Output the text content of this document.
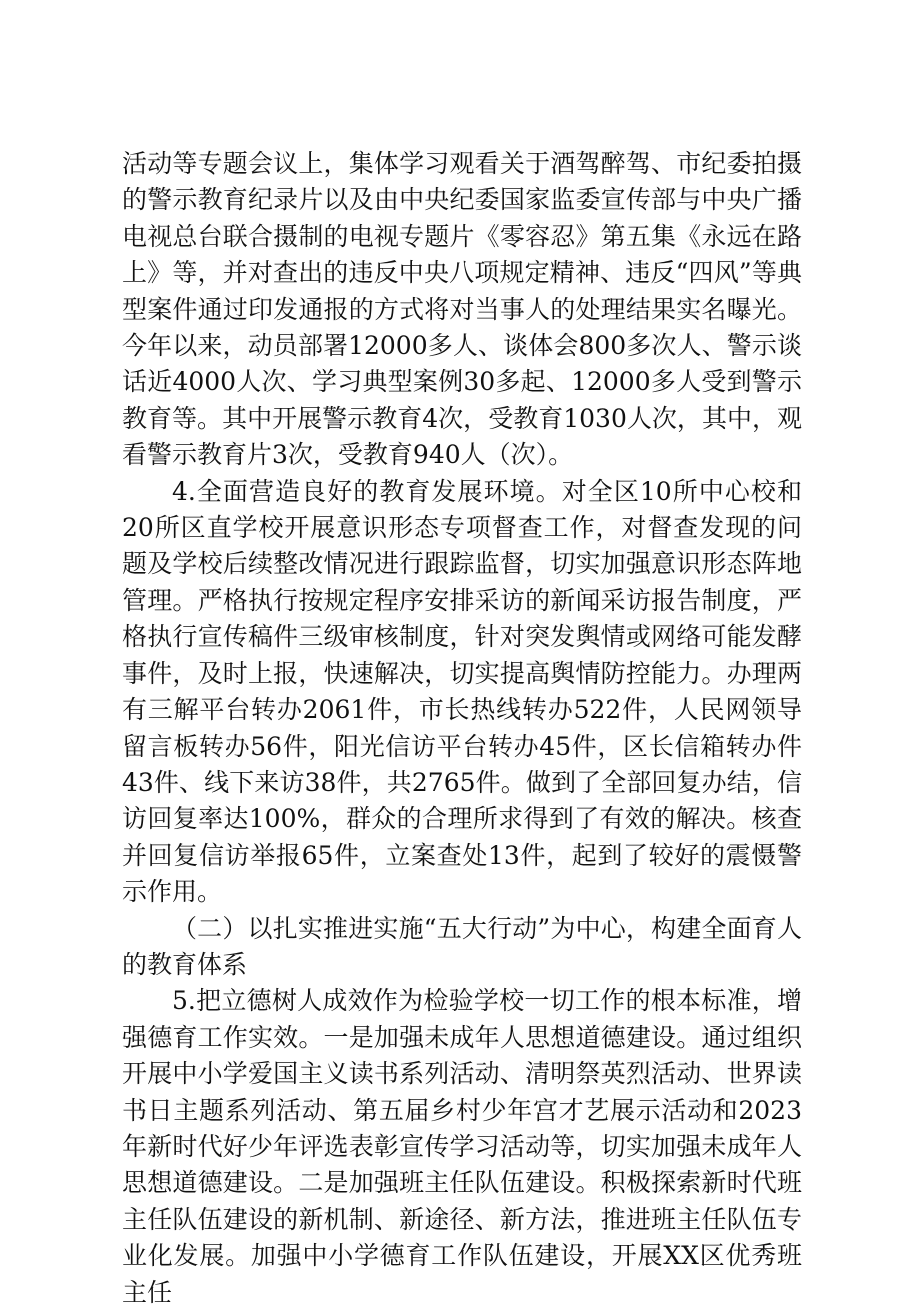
活动等专题会议上，集体学习观看关于酒驾醉驾、市纪委拍摄的警示教育纪录片以及由中央纪委国家监委宣传部与中央广播电视总台联合摄制的电视专题片《零容忍》第五集《永远在路上》等，并对查出的违反中央八项规定精神、违反“四风”等典型案件通过印发通报的方式将对当事人的处理结果实名曝光。今年以来，动员部署12000多人、谈体会800多次人、警示谈话近4000人次、学习典型案例30多起、12000多人受到警示教育等。其中开展警示教育4次，受教育1030人次，其中，观看警示教育片3次，受教育940人（次）。

4.全面营造良好的教育发展环境。对全区10所中心校和20所区直学校开展意识形态专项督查工作，对督查发现的问题及学校后续整改情况进行跟踪监督，切实加强意识形态阵地管理。严格执行按规定程序安排采访的新闻采访报告制度，严格执行宣传稿件三级审核制度，针对突发舆情或网络可能发酵事件，及时上报，快速解决，切实提高舆情防控能力。办理两有三解平台转办2061件，市长热线转办522件，人民网领导留言板转办56件，阳光信访平台转办45件，区长信箱转办件43件、线下来访38件，共2765件。做到了全部回复办结，信访回复率达100%，群众的合理所求得到了有效的解决。核查并回复信访举报65件，立案查处13件，起到了较好的震慑警示作用。

（二）以扎实推进实施“五大行动”为中心，构建全面育人的教育体系

5.把立德树人成效作为检验学校一切工作的根本标准，增强德育工作实效。一是加强未成年人思想道德建设。通过组织开展中小学爱国主义读书系列活动、清明祭英烈活动、世界读书日主题系列活动、第五届乡村少年宫才艺展示活动和2023年新时代好少年评选表彰宣传学习活动等，切实加强未成年人思想道德建设。二是加强班主任队伍建设。积极探索新时代班主任队伍建设的新机制、新途径、新方法，推进班主任队伍专业化发展。加强中小学德育工作队伍建设，开展XX区优秀班主任
